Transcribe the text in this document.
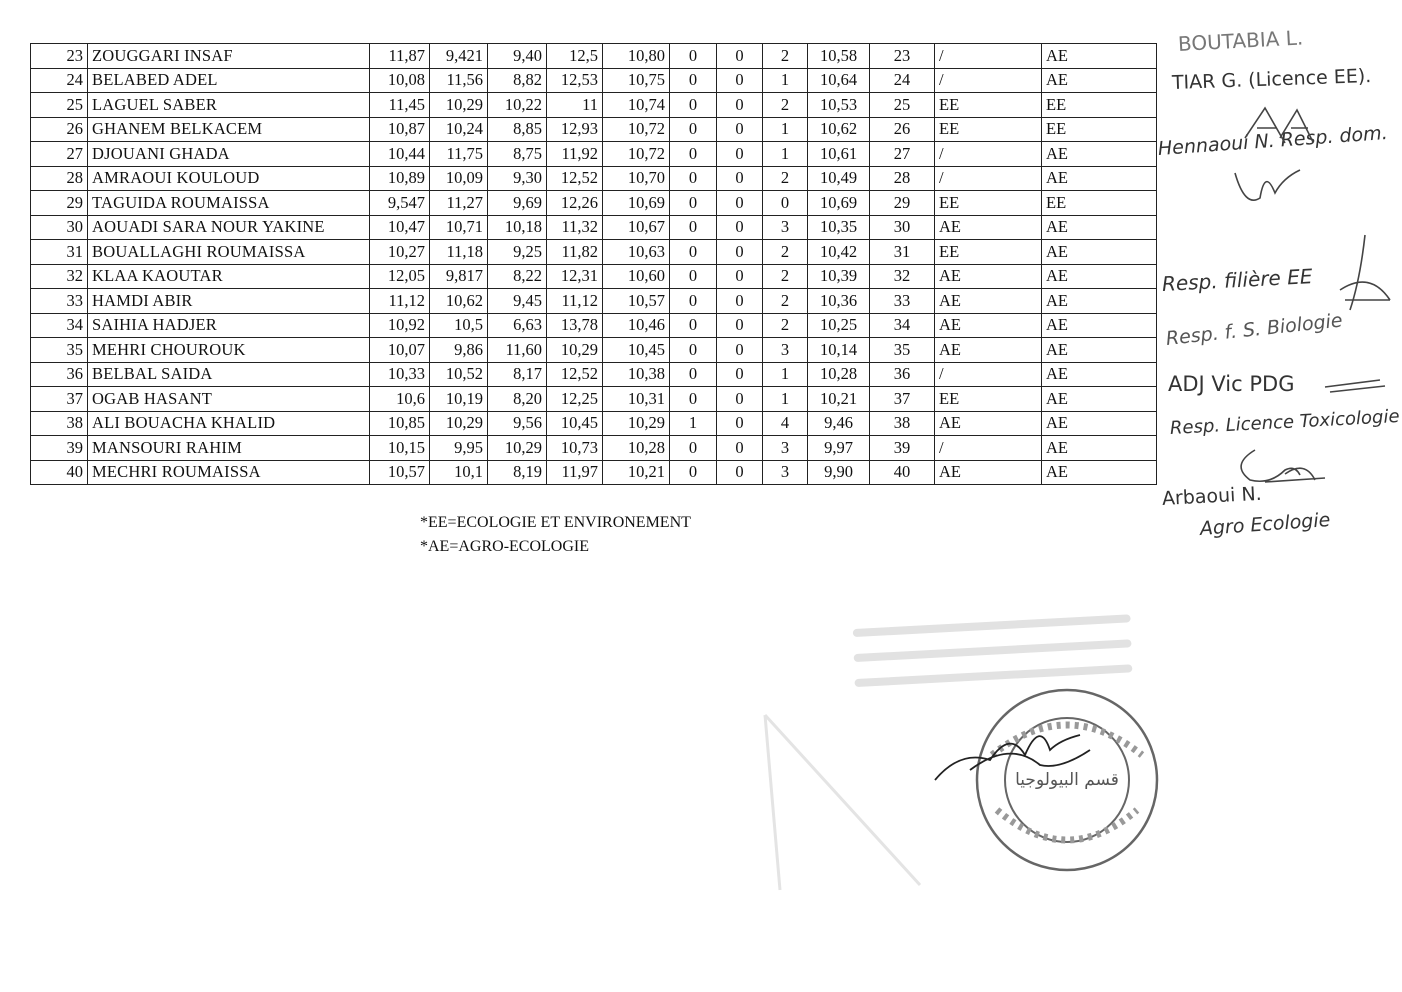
23	ZOUGGARI INSAF	11,87	9,421	9,40	12,5	10,80	0	0	2	10,58	23	/	AE
24	BELABED ADEL	10,08	11,56	8,82	12,53	10,75	0	0	1	10,64	24	/	AE
25	LAGUEL SABER	11,45	10,29	10,22	11	10,74	0	0	2	10,53	25	EE	EE
26	GHANEM BELKACEM	10,87	10,24	8,85	12,93	10,72	0	0	1	10,62	26	EE	EE
27	DJOUANI GHADA	10,44	11,75	8,75	11,92	10,72	0	0	1	10,61	27	/	AE
28	AMRAOUI KOULOUD	10,89	10,09	9,30	12,52	10,70	0	0	2	10,49	28	/	AE
29	TAGUIDA ROUMAISSA	9,547	11,27	9,69	12,26	10,69	0	0	0	10,69	29	EE	EE
30	AOUADI SARA NOUR YAKINE	10,47	10,71	10,18	11,32	10,67	0	0	3	10,35	30	AE	AE
31	BOUALLAGHI ROUMAISSA	10,27	11,18	9,25	11,82	10,63	0	0	2	10,42	31	EE	AE
32	KLAA KAOUTAR	12,05	9,817	8,22	12,31	10,60	0	0	2	10,39	32	AE	AE
33	HAMDI ABIR	11,12	10,62	9,45	11,12	10,57	0	0	2	10,36	33	AE	AE
34	SAIHIA HADJER	10,92	10,5	6,63	13,78	10,46	0	0	2	10,25	34	AE	AE
35	MEHRI CHOUROUK	10,07	9,86	11,60	10,29	10,45	0	0	3	10,14	35	AE	AE
36	BELBAL SAIDA	10,33	10,52	8,17	12,52	10,38	0	0	1	10,28	36	/	AE
37	OGAB HASANT	10,6	10,19	8,20	12,25	10,31	0	0	1	10,21	37	EE	AE
38	ALI BOUACHA KHALID	10,85	10,29	9,56	10,45	10,29	1	0	4	9,46	38	AE	AE
39	MANSOURI RAHIM	10,15	9,95	10,29	10,73	10,28	0	0	3	9,97	39	/	AE
40	MECHRI ROUMAISSA	10,57	10,1	8,19	11,97	10,21	0	0	3	9,90	40	AE	AE
*EE=ECOLOGIE ET ENVIRONEMENT
*AE=AGRO-ECOLOGIE
BOUTABIA L.
TIAR G. (Licence EE).
Hennaoui N. Resp. dom.
Resp. filière EE
Resp. f. S. Biologie
ADJ Vic PDG
Resp. Licence Toxicologie
Arbaoui N.
Agro Ecologie
قسم البيولوجيا
